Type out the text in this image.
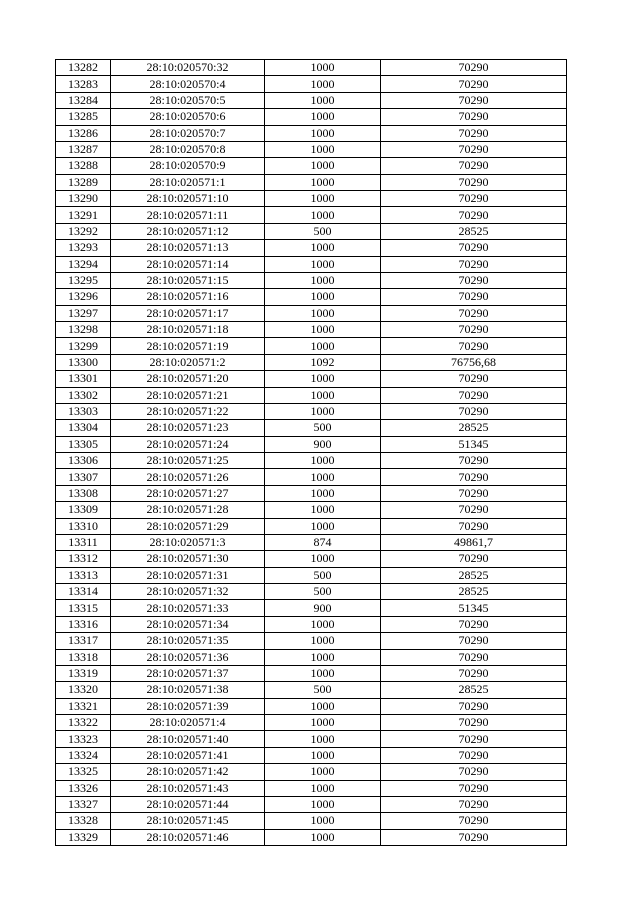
13282	28:10:020570:32	1000	70290
13283	28:10:020570:4	1000	70290
13284	28:10:020570:5	1000	70290
13285	28:10:020570:6	1000	70290
13286	28:10:020570:7	1000	70290
13287	28:10:020570:8	1000	70290
13288	28:10:020570:9	1000	70290
13289	28:10:020571:1	1000	70290
13290	28:10:020571:10	1000	70290
13291	28:10:020571:11	1000	70290
13292	28:10:020571:12	500	28525
13293	28:10:020571:13	1000	70290
13294	28:10:020571:14	1000	70290
13295	28:10:020571:15	1000	70290
13296	28:10:020571:16	1000	70290
13297	28:10:020571:17	1000	70290
13298	28:10:020571:18	1000	70290
13299	28:10:020571:19	1000	70290
13300	28:10:020571:2	1092	76756,68
13301	28:10:020571:20	1000	70290
13302	28:10:020571:21	1000	70290
13303	28:10:020571:22	1000	70290
13304	28:10:020571:23	500	28525
13305	28:10:020571:24	900	51345
13306	28:10:020571:25	1000	70290
13307	28:10:020571:26	1000	70290
13308	28:10:020571:27	1000	70290
13309	28:10:020571:28	1000	70290
13310	28:10:020571:29	1000	70290
13311	28:10:020571:3	874	49861,7
13312	28:10:020571:30	1000	70290
13313	28:10:020571:31	500	28525
13314	28:10:020571:32	500	28525
13315	28:10:020571:33	900	51345
13316	28:10:020571:34	1000	70290
13317	28:10:020571:35	1000	70290
13318	28:10:020571:36	1000	70290
13319	28:10:020571:37	1000	70290
13320	28:10:020571:38	500	28525
13321	28:10:020571:39	1000	70290
13322	28:10:020571:4	1000	70290
13323	28:10:020571:40	1000	70290
13324	28:10:020571:41	1000	70290
13325	28:10:020571:42	1000	70290
13326	28:10:020571:43	1000	70290
13327	28:10:020571:44	1000	70290
13328	28:10:020571:45	1000	70290
13329	28:10:020571:46	1000	70290
